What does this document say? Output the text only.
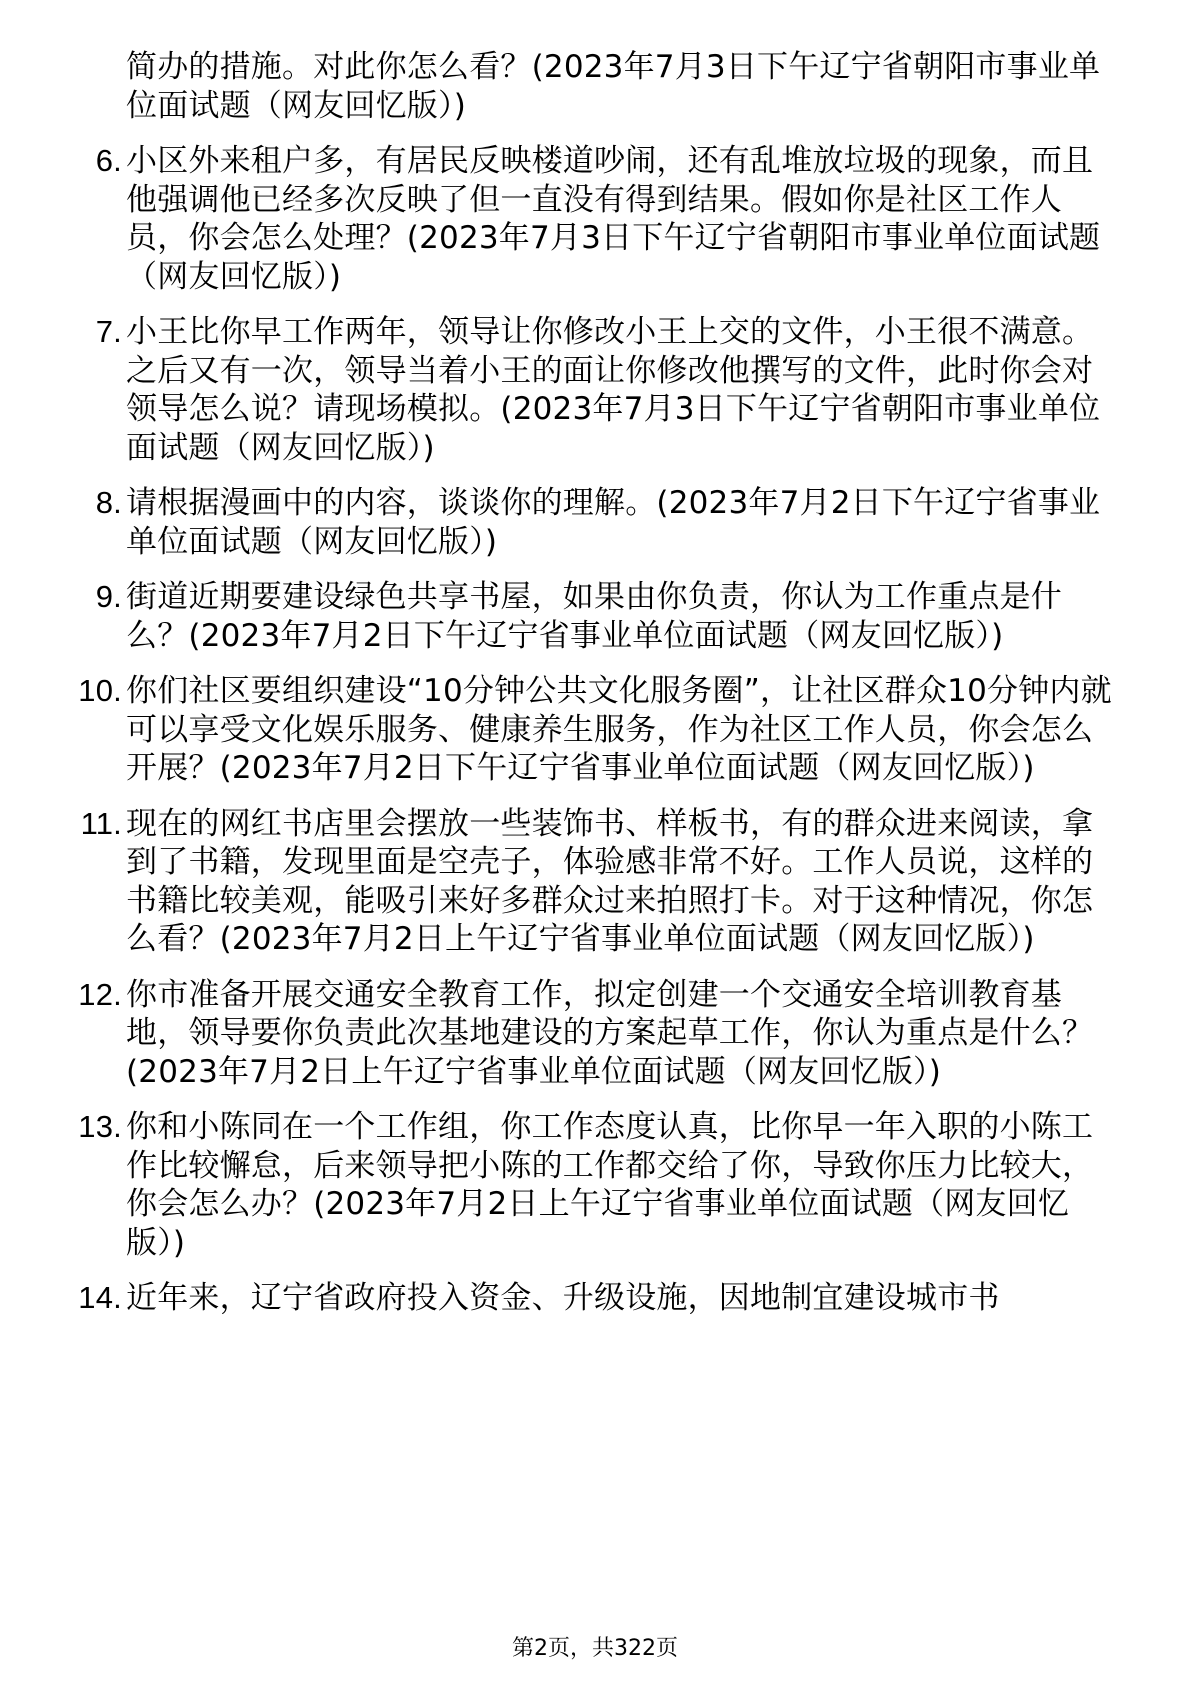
简办的措施。对此你怎么看？(2023年7月3日下午辽宁省朝阳市事业单位面试题（网友回忆版）)
6. 小区外来租户多，有居民反映楼道吵闹，还有乱堆放垃圾的现象，而且他强调他已经多次反映了但一直没有得到结果。假如你是社区工作人员，你会怎么处理？(2023年7月3日下午辽宁省朝阳市事业单位面试题（网友回忆版）)
7. 小王比你早工作两年，领导让你修改小王上交的文件，小王很不满意。之后又有一次，领导当着小王的面让你修改他撰写的文件，此时你会对领导怎么说？请现场模拟。(2023年7月3日下午辽宁省朝阳市事业单位面试题（网友回忆版）)
8. 请根据漫画中的内容，谈谈你的理解。(2023年7月2日下午辽宁省事业单位面试题（网友回忆版）)
9. 街道近期要建设绿色共享书屋，如果由你负责，你认为工作重点是什么？(2023年7月2日下午辽宁省事业单位面试题（网友回忆版）)
10. 你们社区要组织建设“10分钟公共文化服务圈”，让社区群众10分钟内就可以享受文化娱乐服务、健康养生服务，作为社区工作人员，你会怎么开展？(2023年7月2日下午辽宁省事业单位面试题（网友回忆版）)
11. 现在的网红书店里会摆放一些装饰书、样板书，有的群众进来阅读，拿到了书籍，发现里面是空壳子，体验感非常不好。工作人员说，这样的书籍比较美观，能吸引来好多群众过来拍照打卡。对于这种情况，你怎么看？(2023年7月2日上午辽宁省事业单位面试题（网友回忆版）)
12. 你市准备开展交通安全教育工作，拟定创建一个交通安全培训教育基地，领导要你负责此次基地建设的方案起草工作，你认为重点是什么？(2023年7月2日上午辽宁省事业单位面试题（网友回忆版）)
13. 你和小陈同在一个工作组，你工作态度认真，比你早一年入职的小陈工作比较懈怠，后来领导把小陈的工作都交给了你，导致你压力比较大，你会怎么办？(2023年7月2日上午辽宁省事业单位面试题（网友回忆版）)
14. 近年来，辽宁省政府投入资金、升级设施，因地制宜建设城市书
第2页，共322页
